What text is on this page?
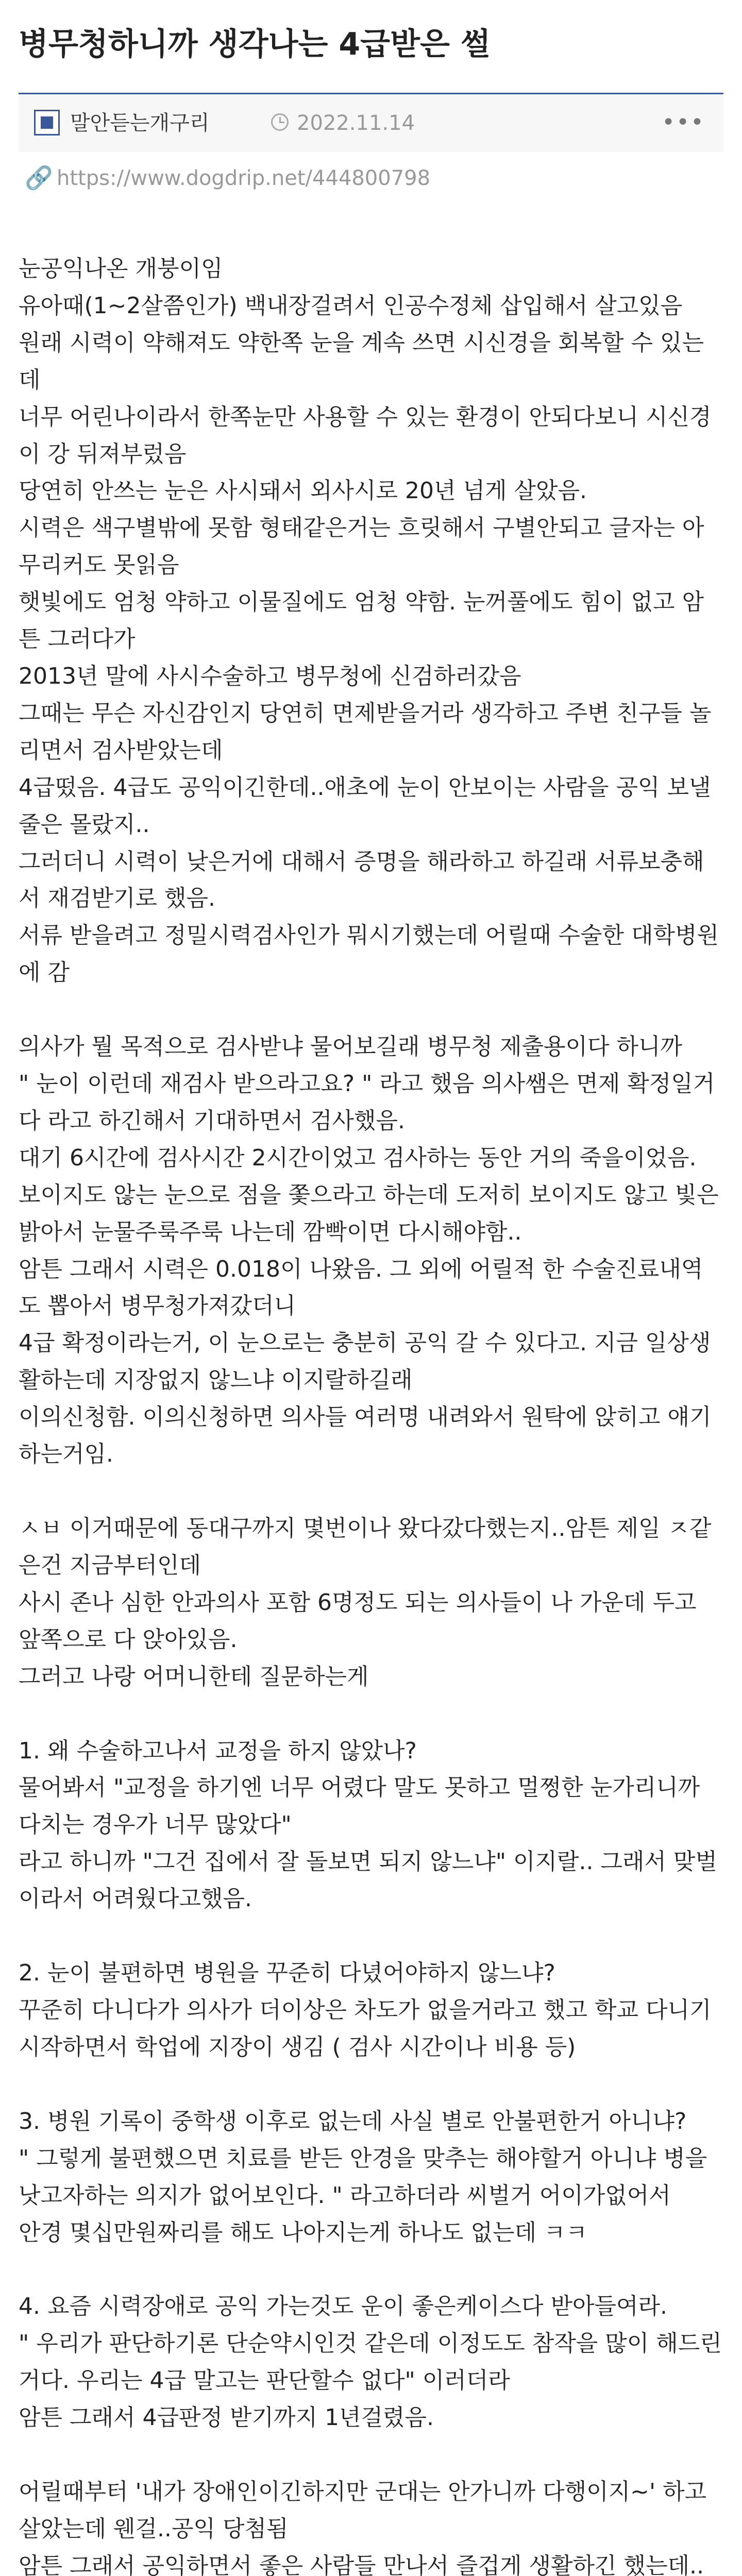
병무청하니까 생각나는 4급받은 썰
말안듣는개구리	2022.11.14	•••
🔗 https://www.dogdrip.net/444800798
눈공익나온 개붕이임
유아때(1~2살쯤인가) 백내장걸려서 인공수정체 삽입해서 살고있음
원래 시력이 약해져도 약한쪽 눈을 계속 쓰면 시신경을 회복할 수 있는데
너무 어린나이라서 한쪽눈만 사용할 수 있는 환경이 안되다보니 시신경이 강 뒤져부렀음
당연히 안쓰는 눈은 사시돼서 외사시로 20년 넘게 살았음.
시력은 색구별밖에 못함 형태같은거는 흐릿해서 구별안되고 글자는 아무리커도 못읽음
햇빛에도 엄청 약하고 이물질에도 엄청 약함. 눈꺼풀에도 힘이 없고 암튼 그러다가
2013년 말에 사시수술하고 병무청에 신검하러갔음
그때는 무슨 자신감인지 당연히 면제받을거라 생각하고 주변 친구들 놀리면서 검사받았는데
4급떴음. 4급도 공익이긴한데..애초에 눈이 안보이는 사람을 공익 보낼줄은 몰랐지..
그러더니 시력이 낮은거에 대해서 증명을 해라하고 하길래 서류보충해서 재검받기로 했음.
서류 받을려고 정밀시력검사인가 뭐시기했는데 어릴때 수술한 대학병원에 감
의사가 뭘 목적으로 검사받냐 물어보길래 병무청 제출용이다 하니까
" 눈이 이런데 재검사 받으라고요? " 라고 했음 의사쌤은 면제 확정일거다 라고 하긴해서 기대하면서 검사했음.
대기 6시간에 검사시간 2시간이었고 검사하는 동안 거의 죽을이었음. 보이지도 않는 눈으로 점을 쫓으라고 하는데 도저히 보이지도 않고 빛은 밝아서 눈물주룩주룩 나는데 깜빡이면 다시해야함..
암튼 그래서 시력은 0.018이 나왔음. 그 외에 어릴적 한 수술진료내역도 뽑아서 병무청가져갔더니
4급 확정이라는거, 이 눈으로는 충분히 공익 갈 수 있다고. 지금 일상생활하는데 지장없지 않느냐 이지랄하길래
이의신청함. 이의신청하면 의사들 여러명 내려와서 원탁에 앉히고 얘기하는거임.
ㅅㅂ 이거때문에 동대구까지 몇번이나 왔다갔다했는지..암튼 제일 ㅈ같은건 지금부터인데
사시 존나 심한 안과의사 포함 6명정도 되는 의사들이 나 가운데 두고 앞쪽으로 다 앉아있음.
그러고 나랑 어머니한테 질문하는게
1. 왜 수술하고나서 교정을 하지 않았나?
물어봐서 "교정을 하기엔 너무 어렸다 말도 못하고 멀쩡한 눈가리니까 다치는 경우가 너무 많았다"
라고 하니까 "그건 집에서 잘 돌보면 되지 않느냐" 이지랄.. 그래서 맞벌이라서 어려웠다고했음.
2. 눈이 불편하면 병원을 꾸준히 다녔어야하지 않느냐?
꾸준히 다니다가 의사가 더이상은 차도가 없을거라고 했고 학교 다니기 시작하면서 학업에 지장이 생김 ( 검사 시간이나 비용 등)
3. 병원 기록이 중학생 이후로 없는데 사실 별로 안불편한거 아니냐?
" 그렇게 불편했으면 치료를 받든 안경을 맞추는 해야할거 아니냐 병을 낫고자하는 의지가 없어보인다. " 라고하더라 씨벌거 어이가없어서
안경 몇십만원짜리를 해도 나아지는게 하나도 없는데 ㅋㅋ
4. 요즘 시력장애로 공익 가는것도 운이 좋은케이스다 받아들여라.
" 우리가 판단하기론 단순약시인것 같은데 이정도도 참작을 많이 해드린거다. 우리는 4급 말고는 판단할수 없다" 이러더라
암튼 그래서 4급판정 받기까지 1년걸렸음.
어릴때부터 '내가 장애인이긴하지만 군대는 안가니까 다행이지~' 하고 살았는데 웬걸..공익 당첨됨
암튼 그래서 공익하면서 좋은 사람들 만나서 즐겁게 생활하긴 했는데..
